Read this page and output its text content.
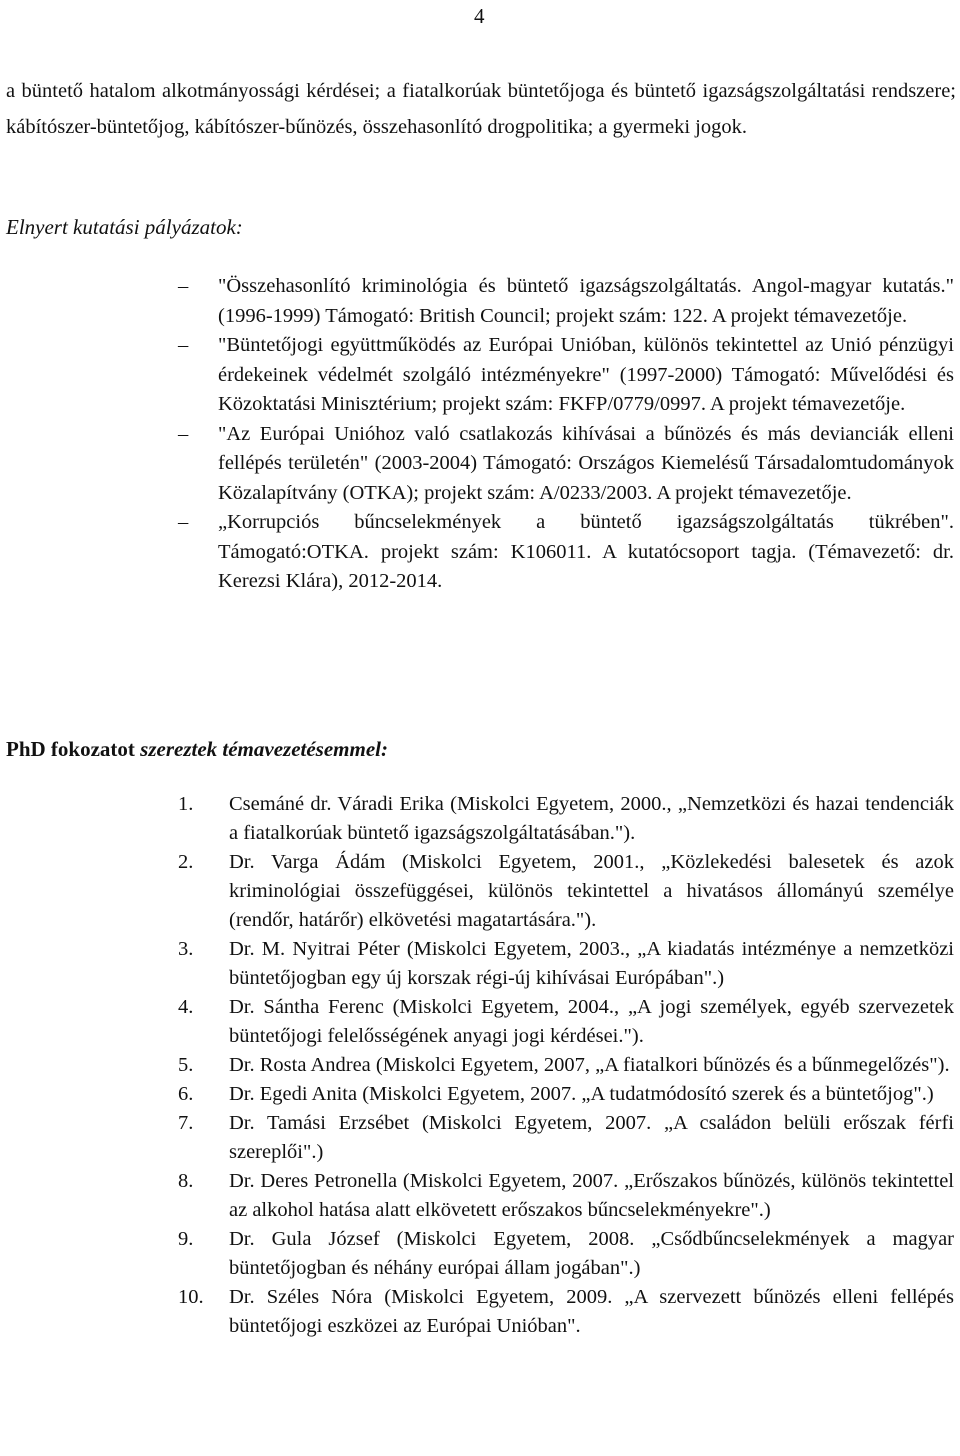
4
a büntető hatalom alkotmányossági kérdései; a fiatalkorúak büntetőjoga és büntető igazságszolgáltatási rendszere; kábítószer-büntetőjog, kábítószer-bűnözés, összehasonlító drogpolitika; a gyermeki jogok.
Elnyert kutatási pályázatok:
– "Összehasonlító kriminológia és büntető igazságszolgáltatás. Angol-magyar kutatás." (1996-1999) Támogató: British Council; projekt szám: 122. A projekt témavezetője.
– "Büntetőjogi együttműködés az Európai Unióban, különös tekintettel az Unió pénzügyi érdekeinek védelmét szolgáló intézményekre" (1997-2000) Támogató: Művelődési és Közoktatási Minisztérium; projekt szám: FKFP/0779/0997. A projekt témavezetője.
– "Az Európai Unióhoz való csatlakozás kihívásai a bűnözés és más devianciák elleni fellépés területén" (2003-2004) Támogató: Országos Kiemelésű Társadalomtudományok Közalapítvány (OTKA); projekt szám: A/0233/2003. A projekt témavezetője.
– „Korrupciós bűncselekmények a büntető igazságszolgáltatás tükrében". Támogató:OTKA. projekt szám: K106011. A kutatócsoport tagja. (Témavezető: dr. Kerezsi Klára), 2012-2014.
PhD fokozatot szereztek témavezetésemmel:
1. Csemáné dr. Váradi Erika (Miskolci Egyetem, 2000., „Nemzetközi és hazai tendenciák a fiatalkorúak büntető igazságszolgáltatásában.").
2. Dr. Varga Ádám (Miskolci Egyetem, 2001., „Közlekedési balesetek és azok kriminológiai összefüggései, különös tekintettel a hivatásos állományú személye (rendőr, határőr) elkövetési magatartására.").
3. Dr. M. Nyitrai Péter (Miskolci Egyetem, 2003., „A kiadatás intézménye a nemzetközi büntetőjogban egy új korszak régi-új kihívásai Európában".)
4. Dr. Sántha Ferenc (Miskolci Egyetem, 2004., „A jogi személyek, egyéb szervezetek büntetőjogi felelősségének anyagi jogi kérdései.").
5. Dr. Rosta Andrea (Miskolci Egyetem, 2007, „A fiatalkori bűnözés és a bűnmegelőzés").
6. Dr. Egedi Anita (Miskolci Egyetem, 2007. „A tudatmódosító szerek és a büntetőjog".)
7. Dr. Tamási Erzsébet (Miskolci Egyetem, 2007. „A családon belüli erőszak férfi szereplői".)
8. Dr. Deres Petronella (Miskolci Egyetem, 2007. „Erőszakos bűnözés, különös tekintettel az alkohol hatása alatt elkövetett erőszakos bűncselekményekre".)
9. Dr. Gula József (Miskolci Egyetem, 2008. „Csődbűncselekmények a magyar büntetőjogban és néhány európai állam jogában".)
10. Dr. Széles Nóra (Miskolci Egyetem, 2009. „A szervezett bűnözés elleni fellépés büntetőjogi eszközei az Európai Unióban".
